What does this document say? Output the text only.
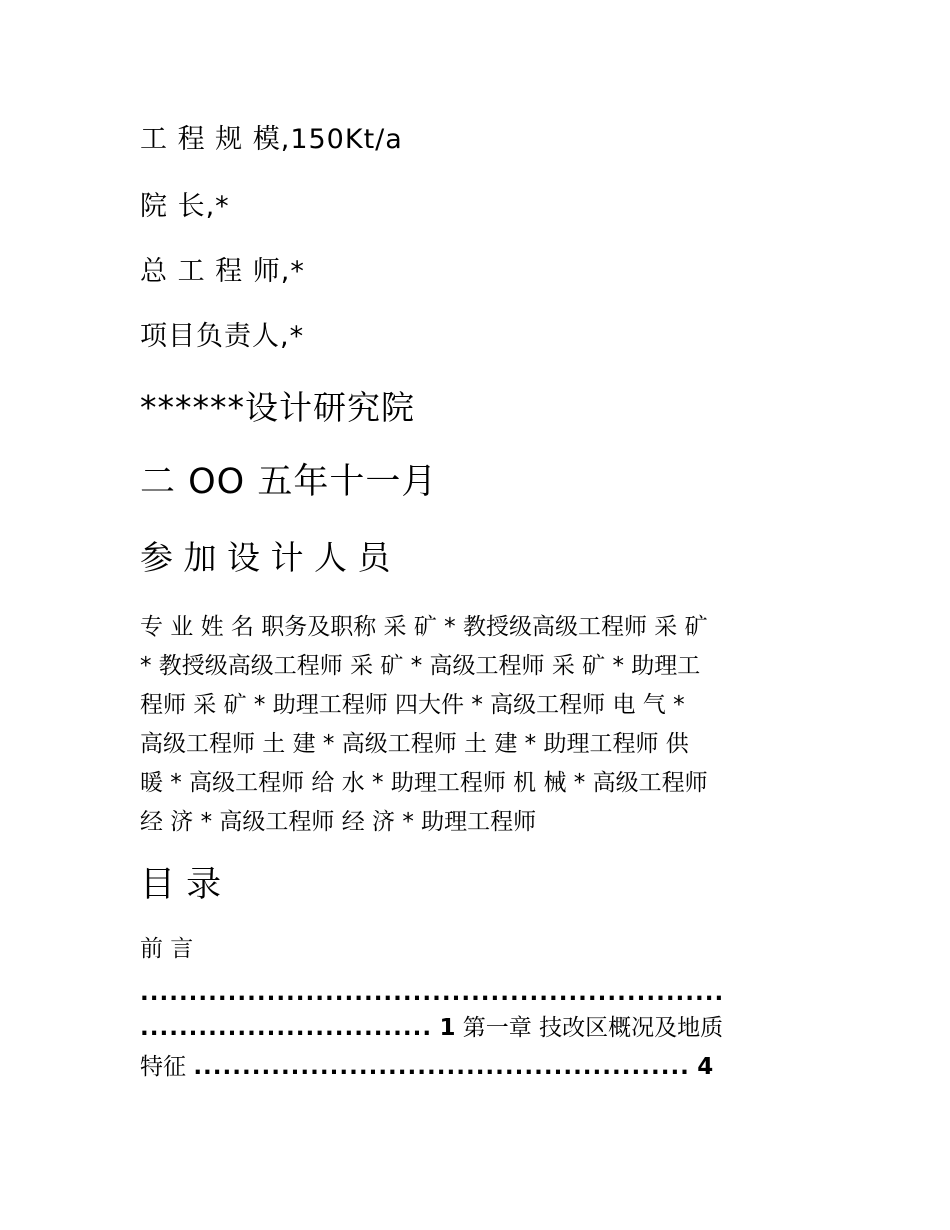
工 程 规 模,150Kt/a
院 长,*
总 工 程 师,*
项目负责人,*
******设计研究院
二 OO 五年十一月
参 加 设 计 人 员
专 业 姓 名 职务及职称 采 矿 * 教授级高级工程师 采 矿
* 教授级高级工程师 采 矿 * 高级工程师 采 矿 * 助理工
程师 采 矿 * 助理工程师 四大件 * 高级工程师 电 气 *
高级工程师 土 建 * 高级工程师 土 建 * 助理工程师 供
暖 * 高级工程师 给 水 * 助理工程师 机 械 * 高级工程师
经 济 * 高级工程师 经 济 * 助理工程师
目 录
前 言
............................................................
.............................. 1 第一章 技改区概况及地质
特征 ................................................... 4
